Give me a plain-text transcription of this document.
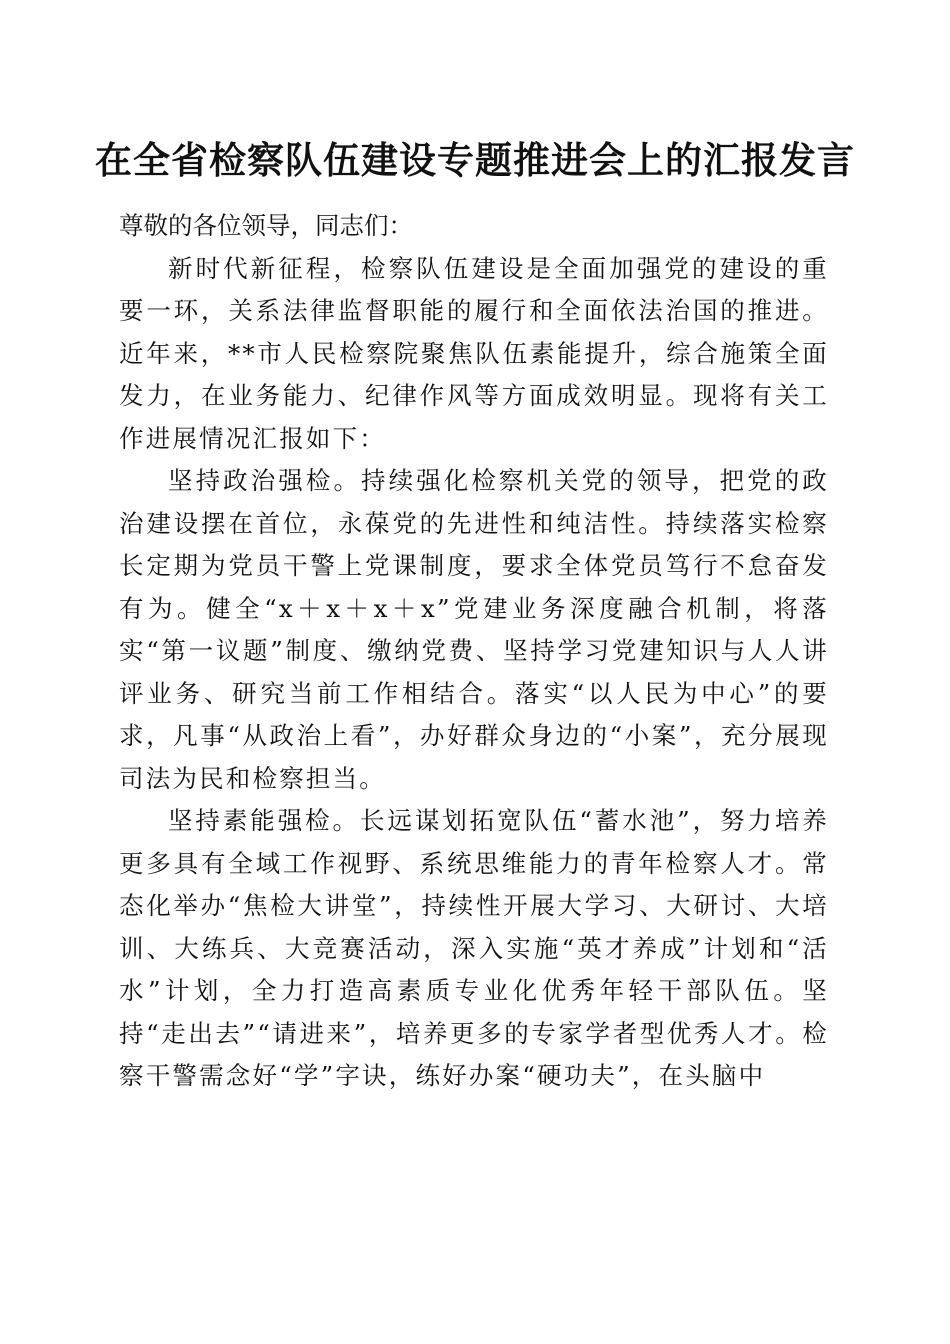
在全省检察队伍建设专题推进会上的汇报发言

尊敬的各位领导，同志们：

新时代新征程，检察队伍建设是全面加强党的建设的重要一环，关系法律监督职能的履行和全面依法治国的推进。近年来，**市人民检察院聚焦队伍素能提升，综合施策全面发力，在业务能力、纪律作风等方面成效明显。现将有关工作进展情况汇报如下：

坚持政治强检。持续强化检察机关党的领导，把党的政治建设摆在首位，永葆党的先进性和纯洁性。持续落实检察长定期为党员干警上党课制度，要求全体党员笃行不怠奋发有为。健全“x＋x＋x＋x”党建业务深度融合机制，将落实“第一议题”制度、缴纳党费、坚持学习党建知识与人人讲评业务、研究当前工作相结合。落实“以人民为中心”的要求，凡事“从政治上看”，办好群众身边的“小案”，充分展现司法为民和检察担当。

坚持素能强检。长远谋划拓宽队伍“蓄水池”，努力培养更多具有全域工作视野、系统思维能力的青年检察人才。常态化举办“焦检大讲堂”，持续性开展大学习、大研讨、大培训、大练兵、大竞赛活动，深入实施“英才养成”计划和“活水”计划，全力打造高素质专业化优秀年轻干部队伍。坚持“走出去”“请进来”，培养更多的专家学者型优秀人才。检察干警需念好“学”字诀，练好办案“硬功夫”，在头脑中
